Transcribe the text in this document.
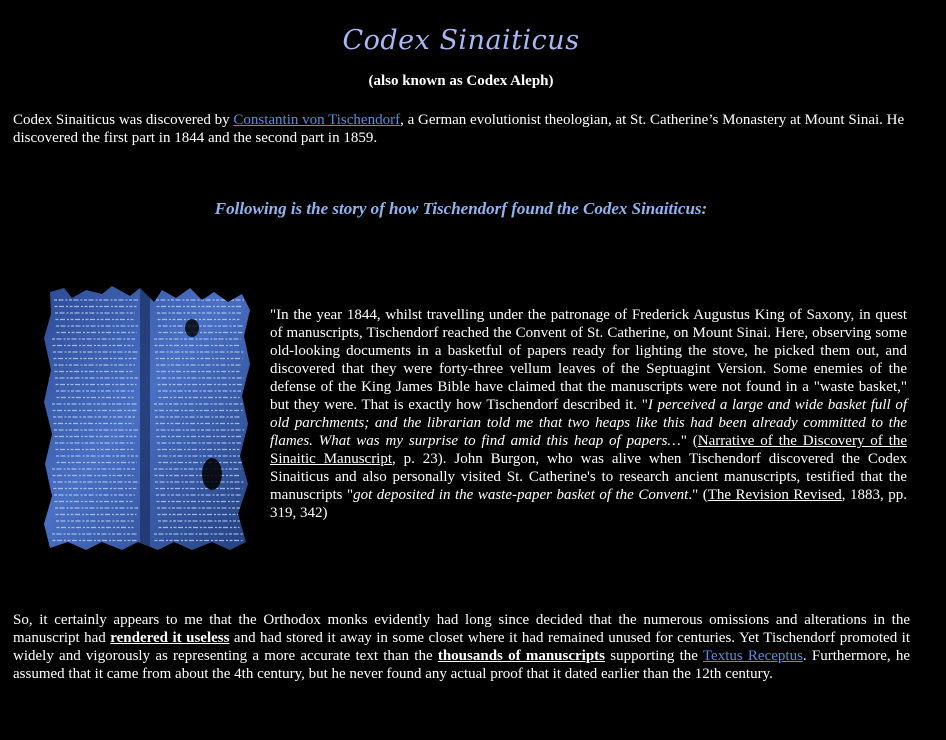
Codex Sinaiticus
(also known as Codex Aleph)
Codex Sinaiticus was discovered by Constantin von Tischendorf, a German evolutionist theologian, at St. Catherine’s Monastery at Mount Sinai. He discovered the first part in 1844 and the second part in 1859.
Following is the story of how Tischendorf found the Codex Sinaiticus:
"In the year 1844, whilst travelling under the patronage of Frederick Augustus King of Saxony, in quest of manuscripts, Tischendorf reached the Convent of St. Catherine, on Mount Sinai. Here, observing some old-looking documents in a basketful of papers ready for lighting the stove, he picked them out, and discovered that they were forty-three vellum leaves of the Septuagint Version. Some enemies of the defense of the King James Bible have claimed that the manuscripts were not found in a "waste basket," but they were. That is exactly how Tischendorf described it. "I perceived a large and wide basket full of old parchments; and the librarian told me that two heaps like this had been already committed to the flames. What was my surprise to find amid this heap of papers…" (Narrative of the Discovery of the Sinaitic Manuscript, p. 23). John Burgon, who was alive when Tischendorf discovered the Codex Sinaiticus and also personally visited St. Catherine's to research ancient manuscripts, testified that the manuscripts "got deposited in the waste-paper basket of the Convent." (The Revision Revised, 1883, pp. 319, 342)
So, it certainly appears to me that the Orthodox monks evidently had long since decided that the numerous omissions and alterations in the manuscript had rendered it useless and had stored it away in some closet where it had remained unused for centuries. Yet Tischendorf promoted it widely and vigorously as representing a more accurate text than the thousands of manuscripts supporting the Textus Receptus. Furthermore, he assumed that it came from about the 4th century, but he never found any actual proof that it dated earlier than the 12th century.
